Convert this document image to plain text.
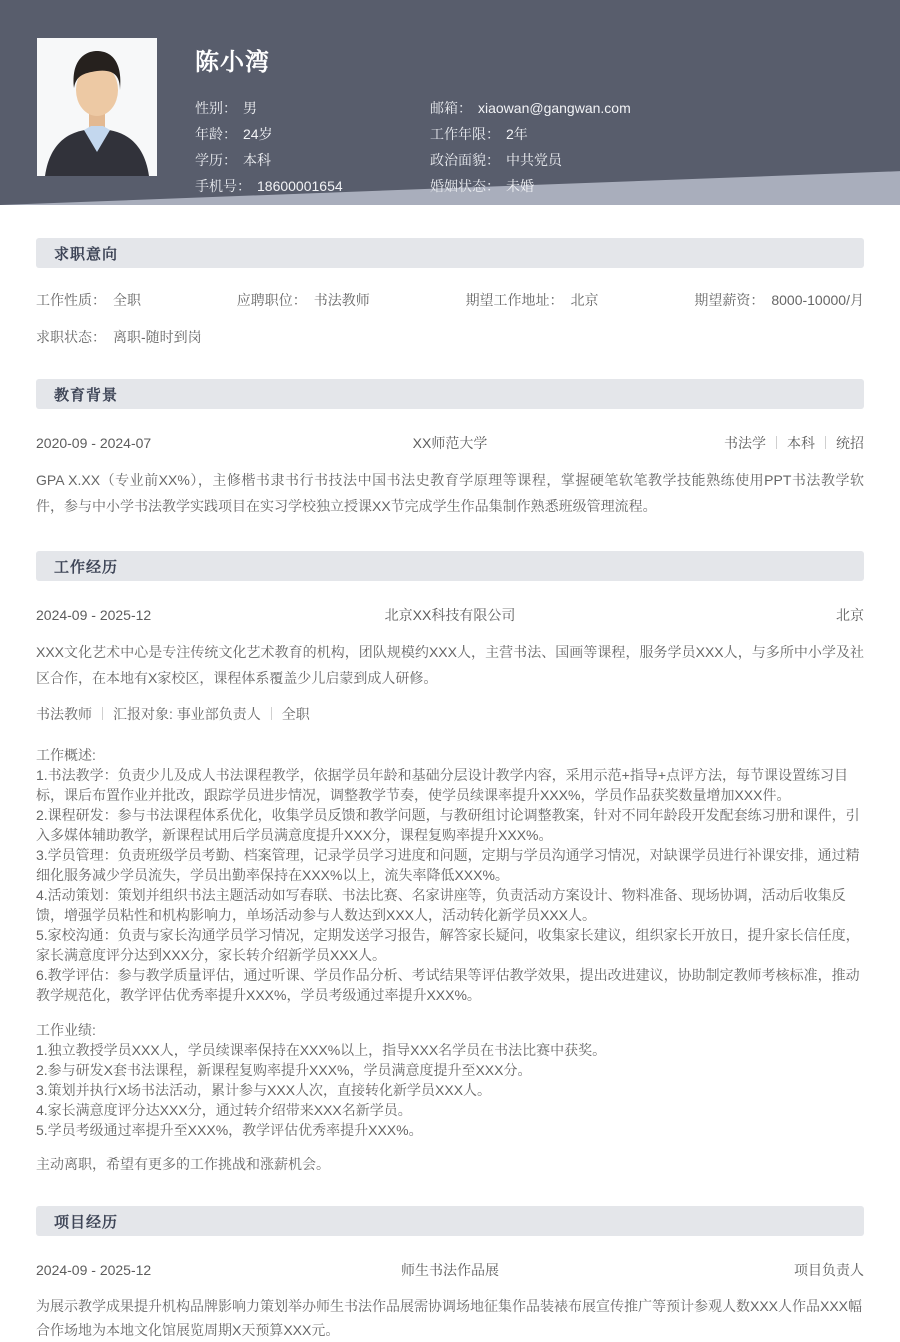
陈小湾
性别： 男
年龄： 24岁
学历： 本科
手机号： 18600001654
邮箱： xiaowan@gangwan.com
工作年限： 2年
政治面貌： 中共党员
婚姻状态： 未婚
求职意向
工作性质： 全职	应聘职位： 书法教师	期望工作地址： 北京	期望薪资： 8000-10000/月
求职状态： 离职-随时到岗
教育背景
2020-09 - 2024-07	XX师范大学	书法学 本科 统招

GPA X.XX（专业前XX%），主修楷书隶书行书技法中国书法史教育学原理等课程，掌握硬笔软笔教学技能熟练使用PPT书法教学软件，参与中小学书法教学实践项目在实习学校独立授课XX节完成学生作品集制作熟悉班级管理流程。

工作经历
2024-09 - 2025-12	北京XX科技有限公司	北京

XXX文化艺术中心是专注传统文化艺术教育的机构，团队规模约XXX人，主营书法、国画等课程，服务学员XXX人，与多所中小学及社区合作，在本地有X家校区，课程体系覆盖少儿启蒙到成人研修。

书法教师 汇报对象: 事业部负责人 全职
工作概述:
1.书法教学：负责少儿及成人书法课程教学，依据学员年龄和基础分层设计教学内容，采用示范+指导+点评方法，每节课设置练习目标，课后布置作业并批改，跟踪学员进步情况，调整教学节奏，使学员续课率提升XXX%，学员作品获奖数量增加XXX件。
2.课程研发：参与书法课程体系优化，收集学员反馈和教学问题，与教研组讨论调整教案，针对不同年龄段开发配套练习册和课件，引入多媒体辅助教学，新课程试用后学员满意度提升XXX分，课程复购率提升XXX%。
3.学员管理：负责班级学员考勤、档案管理，记录学员学习进度和问题，定期与学员沟通学习情况，对缺课学员进行补课安排，通过精细化服务减少学员流失，学员出勤率保持在XXX%以上，流失率降低XXX%。
4.活动策划：策划并组织书法主题活动如写春联、书法比赛、名家讲座等，负责活动方案设计、物料准备、现场协调，活动后收集反馈，增强学员粘性和机构影响力，单场活动参与人数达到XXX人，活动转化新学员XXX人。
5.家校沟通：负责与家长沟通学员学习情况，定期发送学习报告，解答家长疑问，收集家长建议，组织家长开放日，提升家长信任度，家长满意度评分达到XXX分，家长转介绍新学员XXX人。
6.教学评估：参与教学质量评估，通过听课、学员作品分析、考试结果等评估教学效果，提出改进建议，协助制定教师考核标准，推动教学规范化，教学评估优秀率提升XXX%，学员考级通过率提升XXX%。
工作业绩:
1.独立教授学员XXX人，学员续课率保持在XXX%以上，指导XXX名学员在书法比赛中获奖。
2.参与研发X套书法课程，新课程复购率提升XXX%，学员满意度提升至XXX分。
3.策划并执行X场书法活动，累计参与XXX人次，直接转化新学员XXX人。
4.家长满意度评分达XXX分，通过转介绍带来XXX名新学员。
5.学员考级通过率提升至XXX%，教学评估优秀率提升XXX%。
主动离职，希望有更多的工作挑战和涨薪机会。
项目经历
2024-09 - 2025-12	师生书法作品展	项目负责人

为展示教学成果提升机构品牌影响力策划举办师生书法作品展需协调场地征集作品装裱布展宣传推广等预计参观人数XXX人作品XXX幅合作场地为本地文化馆展览周期X天预算XXX元。
